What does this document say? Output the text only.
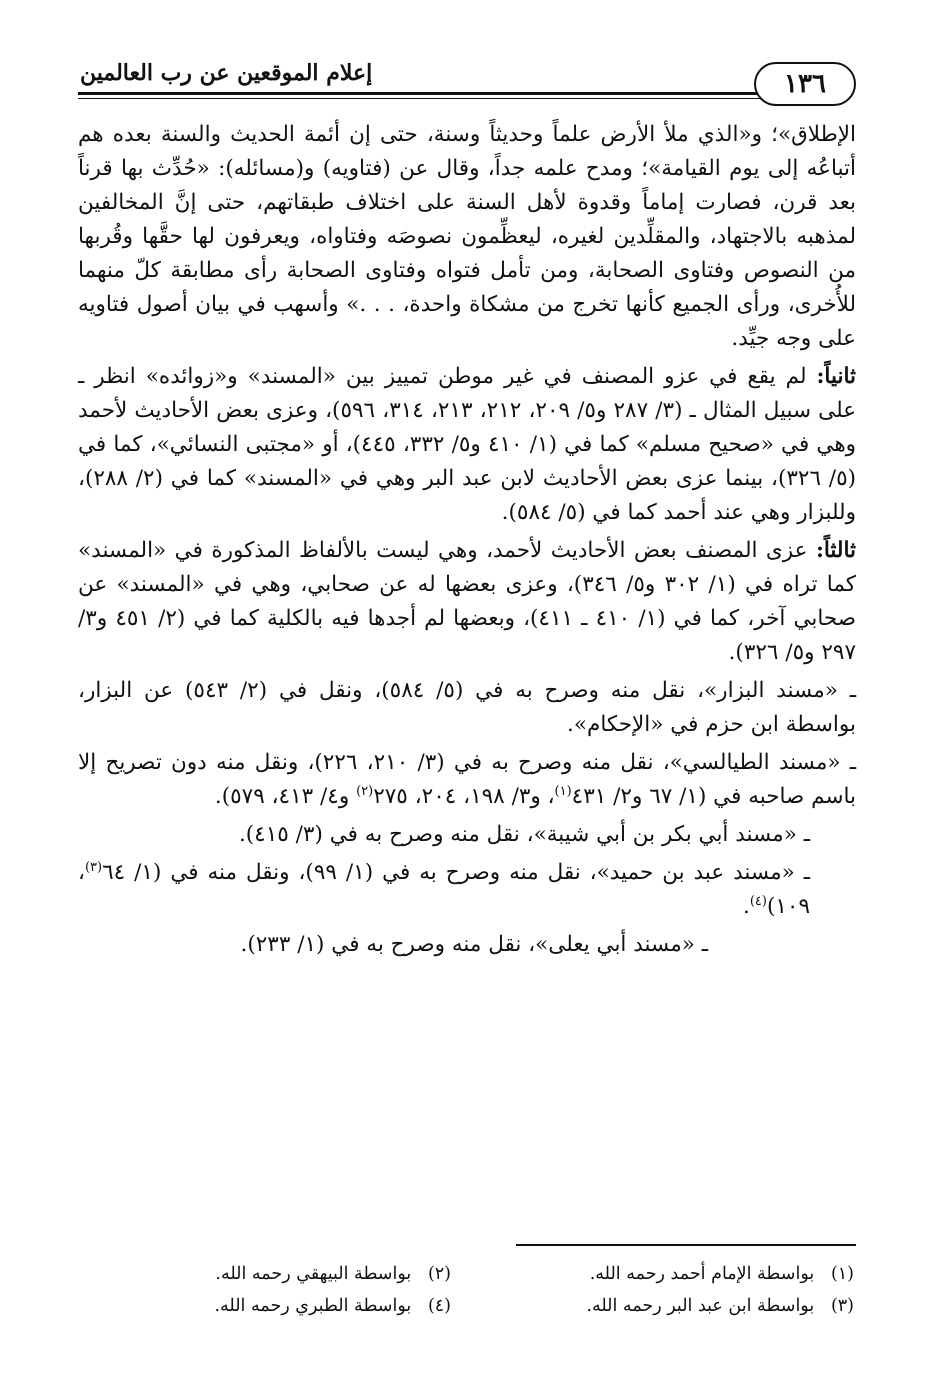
١٣٦
إعلام الموقعين عن رب العالمين

الإطلاق»؛ و«الذي ملأ الأرض علماً وحديثاً وسنة، حتى إن أئمة الحديث والسنة بعده هم أتباعُه إلى يوم القيامة»؛ ومدح علمه جداً، وقال عن (فتاويه) و(مسائله): «حُدِّث بها قرناً بعد قرن، فصارت إماماً وقدوة لأهل السنة على اختلاف طبقاتهم، حتى إنَّ المخالفين لمذهبه بالاجتهاد، والمقلِّدين لغيره، ليعظِّمون نصوصَه وفتاواه، ويعرفون لها حقَّها وقُربها من النصوص وفتاوى الصحابة، ومن تأمل فتواه وفتاوى الصحابة رأى مطابقة كلّ منهما للأُخرى، ورأى الجميع كأنها تخرج من مشكاة واحدة، . . .» وأسهب في بيان أصول فتاويه على وجه جيِّد.

ثانياً: لم يقع في عزو المصنف في غير موطن تمييز بين «المسند» و«زوائده» انظر ـ على سبيل المثال ـ (٣/ ٢٨٧ و٥/ ٢٠٩، ٢١٢، ٢١٣، ٣١٤، ٥٩٦)، وعزى بعض الأحاديث لأحمد وهي في «صحيح مسلم» كما في (١/ ٤١٠ و٥/ ٣٣٢، ٤٤٥)، أو «مجتبى النسائي»، كما في (٥/ ٣٢٦)، بينما عزى بعض الأحاديث لابن عبد البر وهي في «المسند» كما في (٢/ ٢٨٨)، وللبزار وهي عند أحمد كما في (٥/ ٥٨٤).

ثالثاً: عزى المصنف بعض الأحاديث لأحمد، وهي ليست بالألفاظ المذكورة في «المسند» كما تراه في (١/ ٣٠٢ و٥/ ٣٤٦)، وعزى بعضها له عن صحابي، وهي في «المسند» عن صحابي آخر، كما في (١/ ٤١٠ ـ ٤١١)، وبعضها لم أجدها فيه بالكلية كما في (٢/ ٤٥١ و٣/ ٢٩٧ و٥/ ٣٢٦).

ـ «مسند البزار»، نقل منه وصرح به في (٥/ ٥٨٤)، ونقل في (٢/ ٥٤٣) عن البزار، بواسطة ابن حزم في «الإحكام».

ـ «مسند الطيالسي»، نقل منه وصرح به في (٣/ ٢١٠، ٢٢٦)، ونقل منه دون تصريح إلا باسم صاحبه في (١/ ٦٧ و٢/ ٤٣١$^{(١)}$، و٣/ ١٩٨، ٢٠٤، ٢٧٥$^{(٢)}$ و٤/ ٤١٣، ٥٧٩).

ـ «مسند أبي بكر بن أبي شيبة»، نقل منه وصرح به في (٣/ ٤١٥).

ـ «مسند عبد بن حميد»، نقل منه وصرح به في (١/ ٩٩)، ونقل منه في (١/ ٦٤$^{(٣)}$، ١٠٩)$^{(٤)}$.

ـ «مسند أبي يعلى»، نقل منه وصرح به في (١/ ٢٣٣).

(١)   بواسطة الإمام أحمد رحمه الله.
(٢)   بواسطة البيهقي رحمه الله.
(٣)   بواسطة ابن عبد البر رحمه الله.
(٤)   بواسطة الطبري رحمه الله.
